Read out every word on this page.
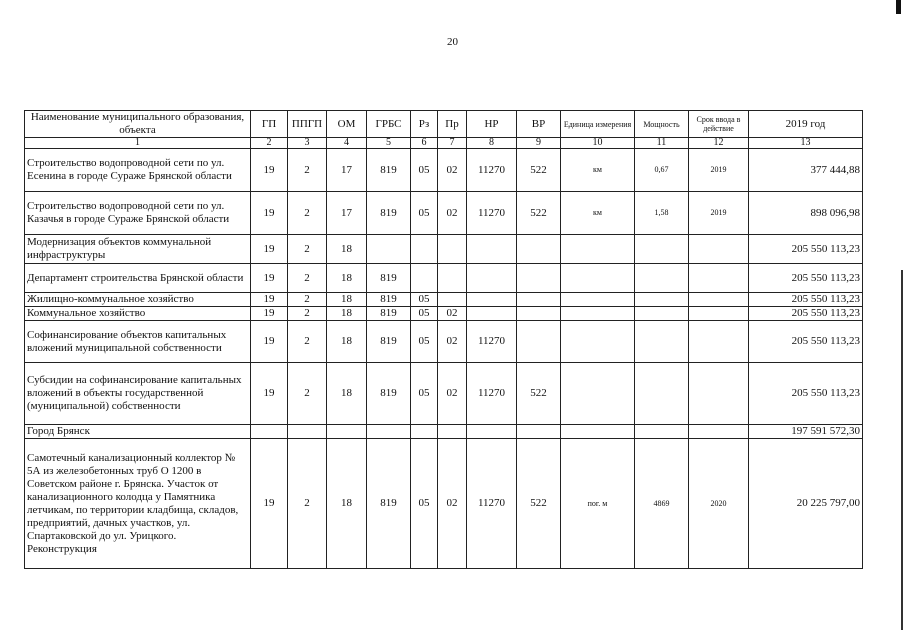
20
Наименование муниципального образования, объекта	ГП	ППГП	ОМ	ГРБС	Рз	Пр	НР	ВР	Единица измерения	Мощность	Срок ввода в действие	2019 год
1	2	3	4	5	6	7	8	9	10	11	12	13
Строительство водопроводной сети по ул. Есенина в городе Сураже Брянской области	19	2	17	819	05	02	11270	522	км	0,67	2019	377 444,88
Строительство водопроводной сети по ул. Казачья в городе Сураже Брянской области	19	2	17	819	05	02	11270	522	км	1,58	2019	898 096,98
Модернизация объектов коммунальной инфраструктуры	19	2	18									205 550 113,23
Департамент строительства Брянской области	19	2	18	819								205 550 113,23
Жилищно-коммунальное хозяйство	19	2	18	819	05							205 550 113,23
Коммунальное хозяйство	19	2	18	819	05	02						205 550 113,23
Софинансирование объектов капитальных вложений муниципальной собственности	19	2	18	819	05	02	11270					205 550 113,23
Субсидии на софинансирование капитальных вложений в объекты государственной (муниципальной) собственности	19	2	18	819	05	02	11270	522				205 550 113,23
Город Брянск												197 591 572,30
Самотечный канализационный коллектор № 5А из железобетонных труб О 1200 в Советском районе г. Брянска. Участок от канализационного колодца у Памятника летчикам, по территории кладбища, складов, предприятий, дачных участков, ул. Спартаковской до ул. Урицкого. Реконструкция	19	2	18	819	05	02	11270	522	пог. м	4869	2020	20 225 797,00
